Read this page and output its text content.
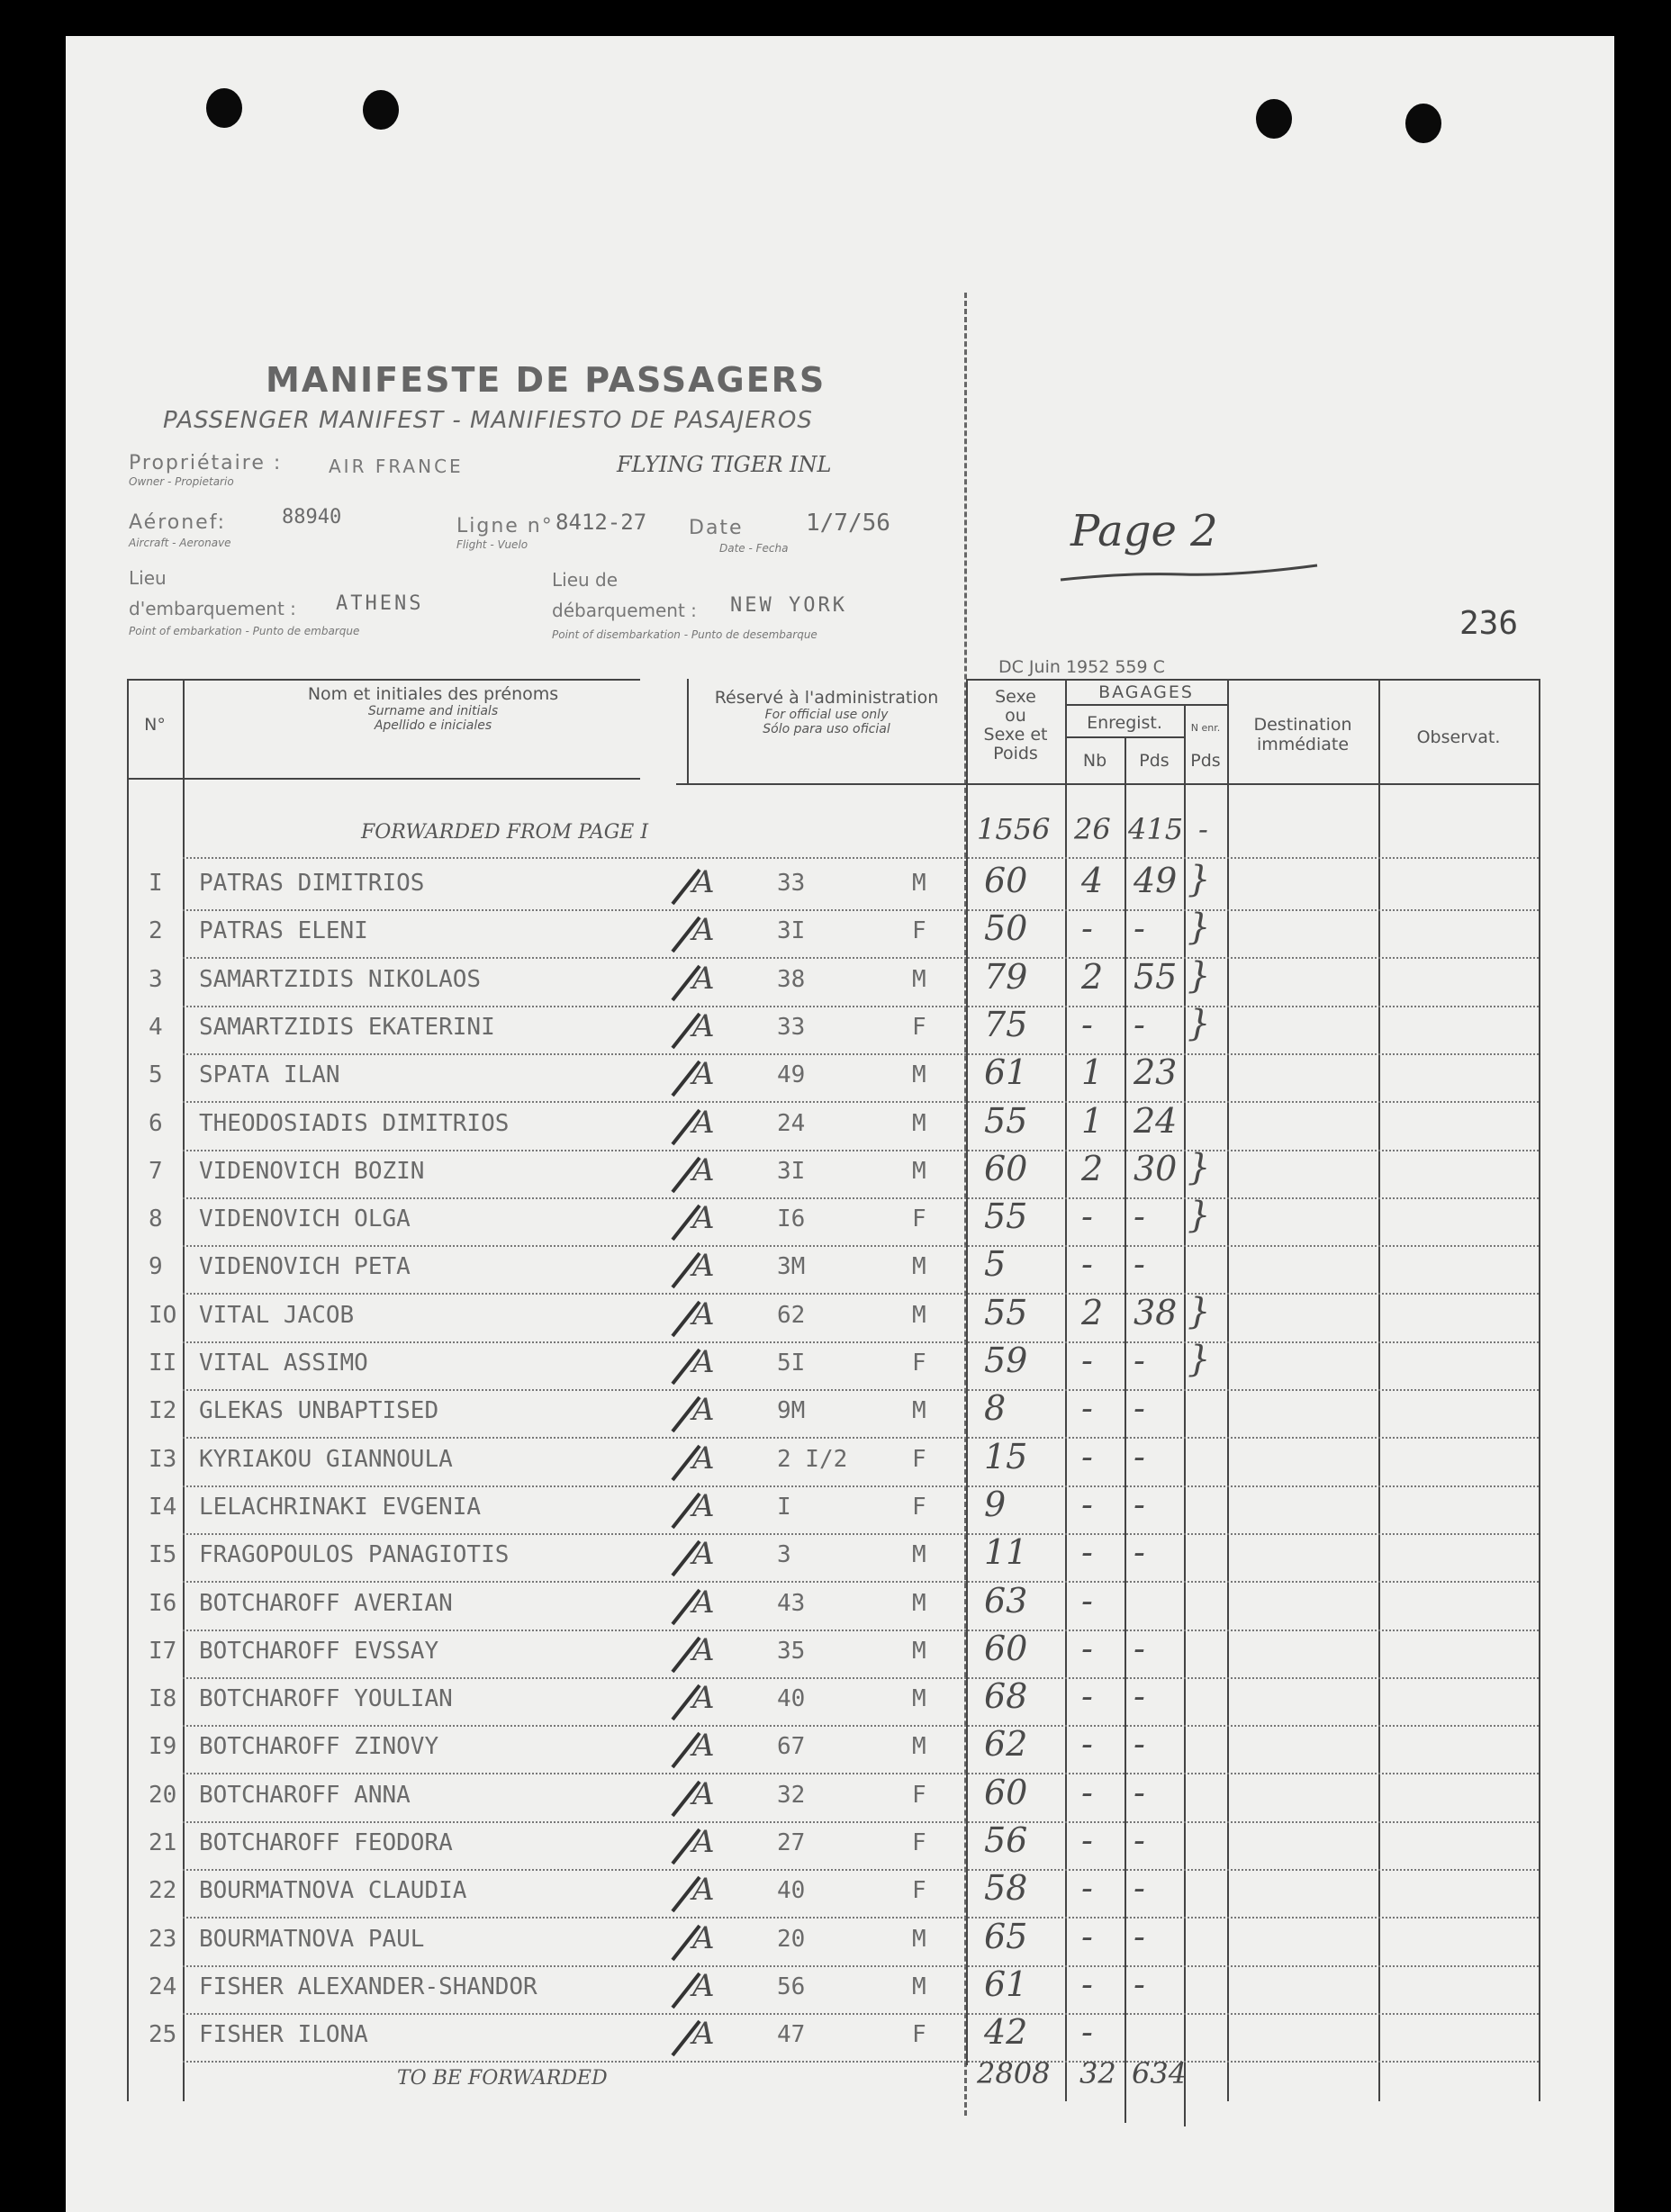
MANIFESTE DE PASSAGERS
PASSENGER MANIFEST - MANIFIESTO DE PASAJEROS
Propriétaire :
Owner - Propietario
AIR FRANCE	FLYING TIGER INL
Aéronef:
Aircraft - Aeronave
88940	Ligne n°
Flight - Vuelo
8412-27 Date
Date - Fecha
1/7/56
Lieu
d'embarquement :
Point of embarkation - Punto de embarque
ATHENS
Lieu de
débarquement :
Point of disembarkation - Punto de desembarque
NEW YORK
Page 2
236
DC Juin 1952 559 C
N°
Nom et initiales des prénoms
Surname and initials
Apellido e iniciales
Réservé à l'administration
For official use only
Sólo para uso oficial
Sexe
ou
Sexe et
Poids
BAGAGES
Enregist.
Nb	Pds
N enr.
Pds
Destination
immédiate	Observat.
FORWARDED FROM PAGE I	1556 26 415 -
I PATRAS DIMITRIOS	A	33	M 60 4 49 }
2 PATRAS ELENI	A	3I	F 50 - - }
3 SAMARTZIDIS NIKOLAOS	A	38	M 79 2 55 }
4 SAMARTZIDIS EKATERINI	A	33	F 75 - - }
5 SPATA ILAN	A	49	M 61 1 23
6 THEODOSIADIS DIMITRIOS	A	24	M 55 1 24
7 VIDENOVICH BOZIN	A	3I	M 60 2 30 }
8 VIDENOVICH OLGA	A	I6	F 55 - - }
9 VIDENOVICH PETA	A	3M	M 5 - -
IO VITAL JACOB	A	62	M 55 2 38 }
II VITAL ASSIMO	A	5I	F 59 - - }
I2 GLEKAS UNBAPTISED	A	9M	M 8 - -
I3 KYRIAKOU GIANNOULA	A	2 I/2	F 15 - -
I4 LELACHRINAKI EVGENIA	A	I	F 9 - -
I5 FRAGOPOULOS PANAGIOTIS	A	3	M 11 - -
I6 BOTCHAROFF AVERIAN	A	43	M 63 -
I7 BOTCHAROFF EVSSAY	A	35	M 60 - -
I8 BOTCHAROFF YOULIAN	A	40	M 68 - -
I9 BOTCHAROFF ZINOVY	A	67	M 62 - -
20 BOTCHAROFF ANNA	A	32	F 60 - -
21 BOTCHAROFF FEODORA	A	27	F 56 - -
22 BOURMATNOVA CLAUDIA	A	40	F 58 - -
23 BOURMATNOVA PAUL	A	20	M 65 - -
24 FISHER ALEXANDER-SHANDOR	A	56	M 61 - -
25 FISHER ILONA	A	47	F 42 -
TO BE FORWARDED	2808 32 634
